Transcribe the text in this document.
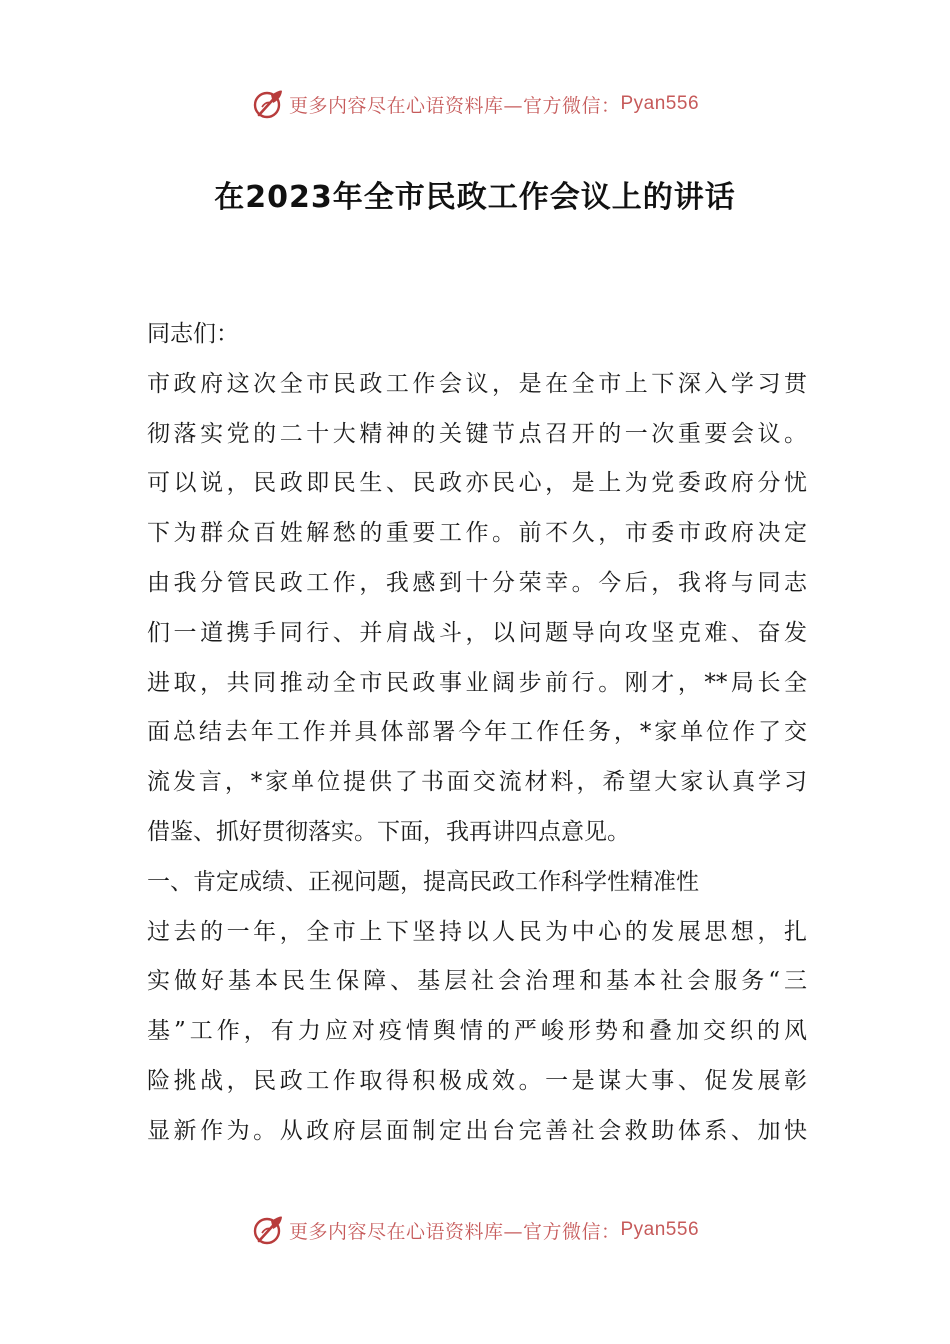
更多内容尽在心语资料库—官方微信： Pyan556
在2023年全市民政工作会议上的讲话
同志们：
市政府这次全市民政工作会议，是在全市上下深入学习贯
彻落实党的二十大精神的关键节点召开的一次重要会议。
可以说，民政即民生、民政亦民心，是上为党委政府分忧
下为群众百姓解愁的重要工作。前不久，市委市政府决定
由我分管民政工作，我感到十分荣幸。今后，我将与同志
们一道携手同行、并肩战斗，以问题导向攻坚克难、奋发
进取，共同推动全市民政事业阔步前行。刚才，**局长全
面总结去年工作并具体部署今年工作任务，*家单位作了交
流发言，*家单位提供了书面交流材料，希望大家认真学习
借鉴、抓好贯彻落实。下面，我再讲四点意见。
一、肯定成绩、正视问题，提高民政工作科学性精准性
过去的一年，全市上下坚持以人民为中心的发展思想，扎
实做好基本民生保障、基层社会治理和基本社会服务“三
基”工作，有力应对疫情舆情的严峻形势和叠加交织的风
险挑战，民政工作取得积极成效。一是谋大事、促发展彰
显新作为。从政府层面制定出台完善社会救助体系、加快
更多内容尽在心语资料库—官方微信： Pyan556
